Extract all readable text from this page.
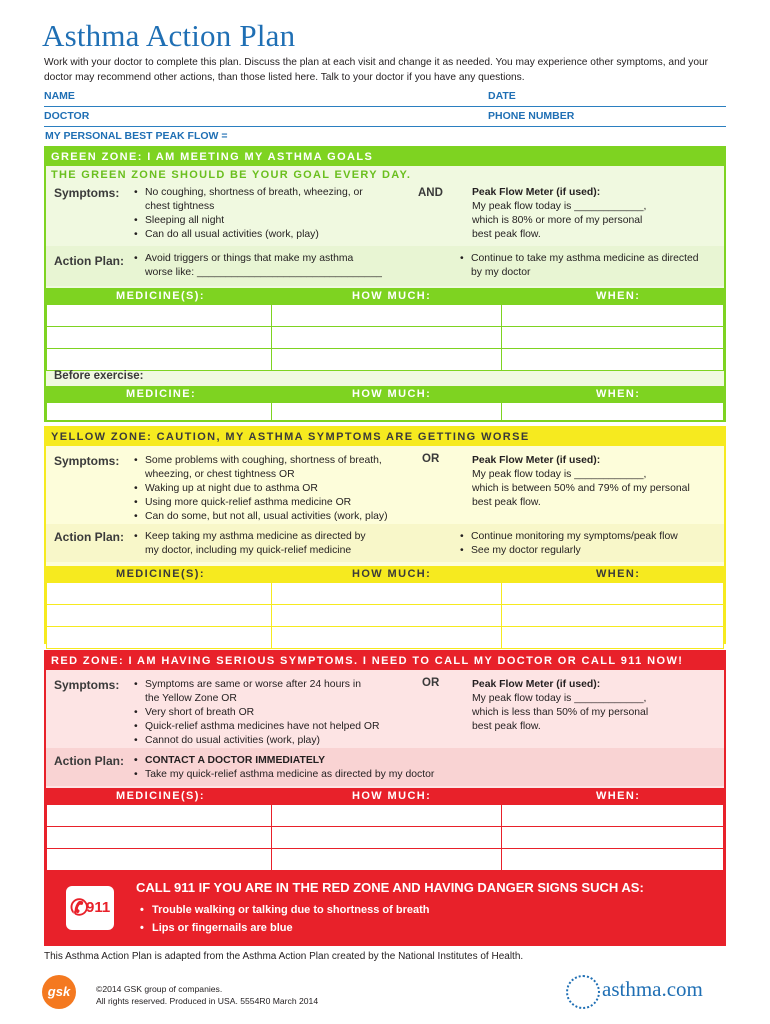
Asthma Action Plan
Work with your doctor to complete this plan. Discuss the plan at each visit and change it as needed. You may experience other symptoms, and your doctor may recommend other actions, than those listed here. Talk to your doctor if you have any questions.
NAME	DATE
DOCTOR	PHONE NUMBER
MY PERSONAL BEST PEAK FLOW =
GREEN ZONE: I AM MEETING MY ASTHMA GOALS
THE GREEN ZONE SHOULD BE YOUR GOAL EVERY DAY.
Symptoms:	• No coughing, shortness of breath, wheezing, or
chest tightness
• Sleeping all night
• Can do all usual activities (work, play)
AND	Peak Flow Meter (if used):
My peak flow today is ____________,
which is 80% or more of my personal
best peak flow.
Action Plan:	• Avoid triggers or things that make my asthma
worse like: ________________________________
• Continue to take my asthma medicine as directed
by my doctor
MEDICINE(S):	HOW MUCH:	WHEN:

Before exercise:
MEDICINE:	HOW MUCH:	WHEN:

YELLOW ZONE: CAUTION, MY ASTHMA SYMPTOMS ARE GETTING WORSE
Symptoms:	• Some problems with coughing, shortness of breath,
wheezing, or chest tightness OR
• Waking up at night due to asthma OR
• Using more quick-relief asthma medicine OR
• Can do some, but not all, usual activities (work, play)
OR	Peak Flow Meter (if used):
My peak flow today is ____________,
which is between 50% and 79% of my personal
best peak flow.
Action Plan:	• Keep taking my asthma medicine as directed by
my doctor, including my quick-relief medicine
• Continue monitoring my symptoms/peak flow
• See my doctor regularly
MEDICINE(S):	HOW MUCH:	WHEN:

RED ZONE: I AM HAVING SERIOUS SYMPTOMS. I NEED TO CALL MY DOCTOR OR CALL 911 NOW!
Symptoms:	• Symptoms are same or worse after 24 hours in
the Yellow Zone OR
• Very short of breath OR
• Quick-relief asthma medicines have not helped OR
• Cannot do usual activities (work, play)
OR	Peak Flow Meter (if used):
My peak flow today is ____________,
which is less than 50% of my personal
best peak flow.
Action Plan:	• CONTACT A DOCTOR IMMEDIATELY
• Take my quick-relief asthma medicine as directed by my doctor
MEDICINE(S):	HOW MUCH:	WHEN:

✆
911
CALL 911 IF YOU ARE IN THE RED ZONE AND HAVING DANGER SIGNS SUCH AS:
• Trouble walking or talking due to shortness of breath
• Lips or fingernails are blue
This Asthma Action Plan is adapted from the Asthma Action Plan created by the National Institutes of Health.
gsk	©2014 GSK group of companies.
All rights reserved. Produced in USA. 5554R0 March 2014	asthma.com
